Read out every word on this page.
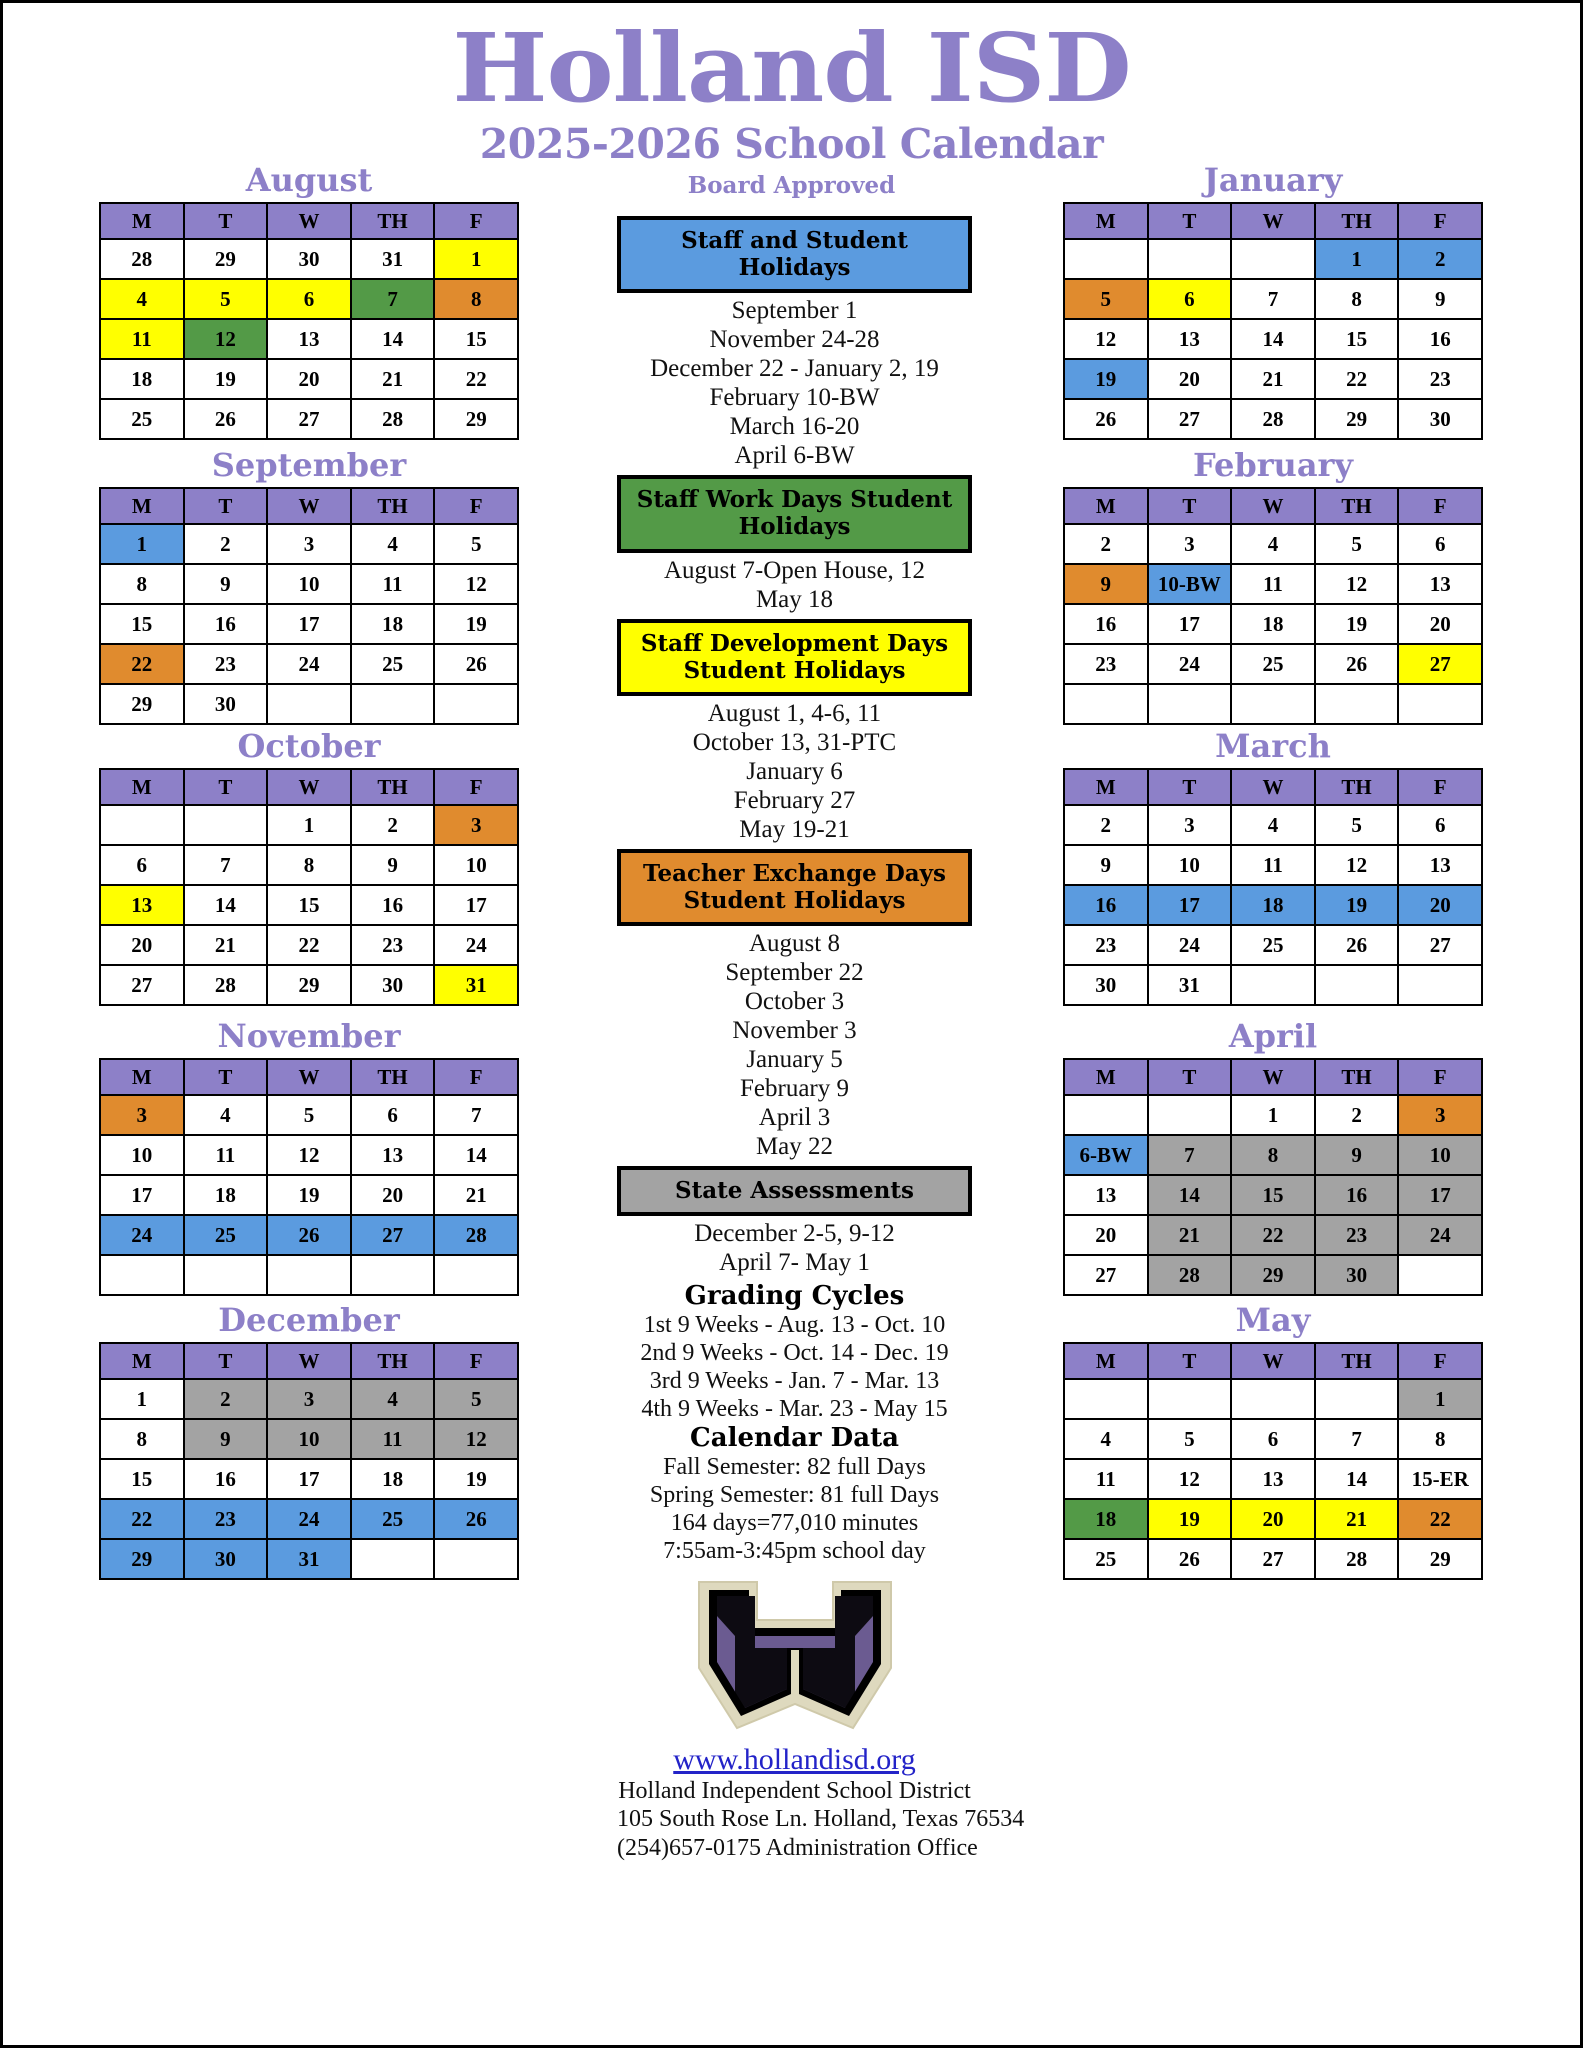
Holland ISD
2025-2026 School Calendar
Board Approved
August
M	T	W	TH	F
28	29	30	31	1
4	5	6	7	8
11	12	13	14	15
18	19	20	21	22
25	26	27	28	29
September
M	T	W	TH	F
1	2	3	4	5
8	9	10	11	12
15	16	17	18	19
22	23	24	25	26
29	30			
October
M	T	W	TH	F
		1	2	3
6	7	8	9	10
13	14	15	16	17
20	21	22	23	24
27	28	29	30	31
November
M	T	W	TH	F
3	4	5	6	7
10	11	12	13	14
17	18	19	20	21
24	25	26	27	28

December
M	T	W	TH	F
1	2	3	4	5
8	9	10	11	12
15	16	17	18	19
22	23	24	25	26
29	30	31		
January
M	T	W	TH	F
			1	2
5	6	7	8	9
12	13	14	15	16
19	20	21	22	23
26	27	28	29	30
February
M	T	W	TH	F
2	3	4	5	6
9	10-BW	11	12	13
16	17	18	19	20
23	24	25	26	27

March
M	T	W	TH	F
2	3	4	5	6
9	10	11	12	13
16	17	18	19	20
23	24	25	26	27
30	31			
April
M	T	W	TH	F
		1	2	3
6-BW	7	8	9	10
13	14	15	16	17
20	21	22	23	24
27	28	29	30	
May
M	T	W	TH	F
				1
4	5	6	7	8
11	12	13	14	15-ER
18	19	20	21	22
25	26	27	28	29
Staff and Student Holidays
September 1
November 24-28
December 22 - January 2, 19
February 10-BW
March 16-20
April 6-BW
Staff Work Days Student Holidays
August 7-Open House, 12
May 18
Staff Development Days Student Holidays
August 1, 4-6, 11
October 13, 31-PTC
January 6
February 27
May 19-21
Teacher Exchange Days Student Holidays
August 8
September 22
October 3
November 3
January 5
February 9
April 3
May 22
State Assessments
December 2-5, 9-12
April 7- May 1
Grading Cycles
1st 9 Weeks - Aug. 13 - Oct. 10
2nd 9 Weeks - Oct. 14 - Dec. 19
3rd 9 Weeks - Jan. 7 - Mar. 13
4th 9 Weeks - Mar. 23 - May 15
Calendar Data
Fall Semester: 82 full Days
Spring Semester: 81 full Days
164 days=77,010 minutes
7:55am-3:45pm school day
www.hollandisd.org
Holland Independent School District
105 South Rose Ln. Holland, Texas 76534
(254)657-0175 Administration Office
